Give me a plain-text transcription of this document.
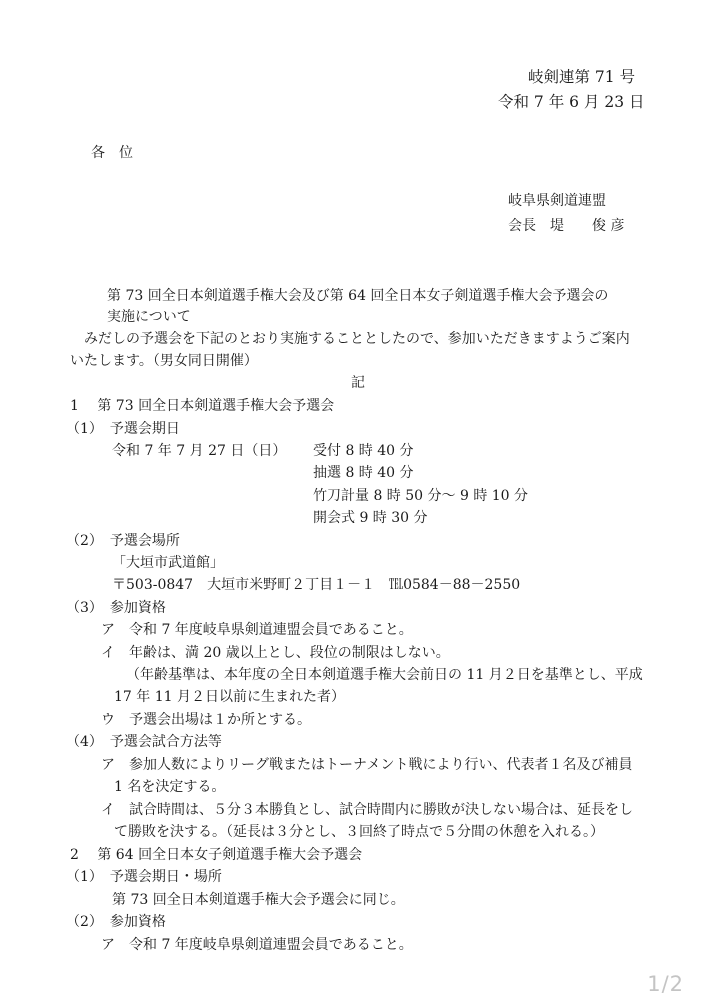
岐剣連第 71 号

令和 7 年 6 月 23 日

各　位

岐阜県剣道連盟

会長　堤　　俊 彦

第 73 回全日本剣道選手権大会及び第 64 回全日本女子剣道選手権大会予選会の

実施について

みだしの予選会を下記のとおり実施することとしたので、参加いただきますようご案内

いたします。（男女同日開催）

記

1　 第 73 回全日本剣道選手権大会予選会

（1）　予選会期日

令和 7 年 7 月 27 日（日） 受付 8 時 40 分

抽選 8 時 40 分

竹刀計量 8 時 50 分〜 9 時 10 分

開会式 9 時 30 分

（2）　予選会場所

「大垣市武道館」

〒503-0847　大垣市米野町２丁目１－１　℡0584－88－2550

（3）　参加資格

ア　令和 7 年度岐阜県剣道連盟会員であること。

イ　年齢は、満 20 歳以上とし、段位の制限はしない。

（年齢基準は、本年度の全日本剣道選手権大会前日の 11 月２日を基準とし、平成

17 年 11 月２日以前に生まれた者）

ウ　予選会出場は１か所とする。

（4）　予選会試合方法等

ア　参加人数によりリーグ戦またはトーナメント戦により行い、代表者１名及び補員

1 名を決定する。

イ　試合時間は、５分３本勝負とし、試合時間内に勝敗が決しない場合は、延長をし

て勝敗を決する。（延長は３分とし、３回終了時点で５分間の休憩を入れる。）

2　 第 64 回全日本女子剣道選手権大会予選会

（1）　予選会期日・場所

第 73 回全日本剣道選手権大会予選会に同じ。

（2）　参加資格

ア　令和 7 年度岐阜県剣道連盟会員であること。

1/2
